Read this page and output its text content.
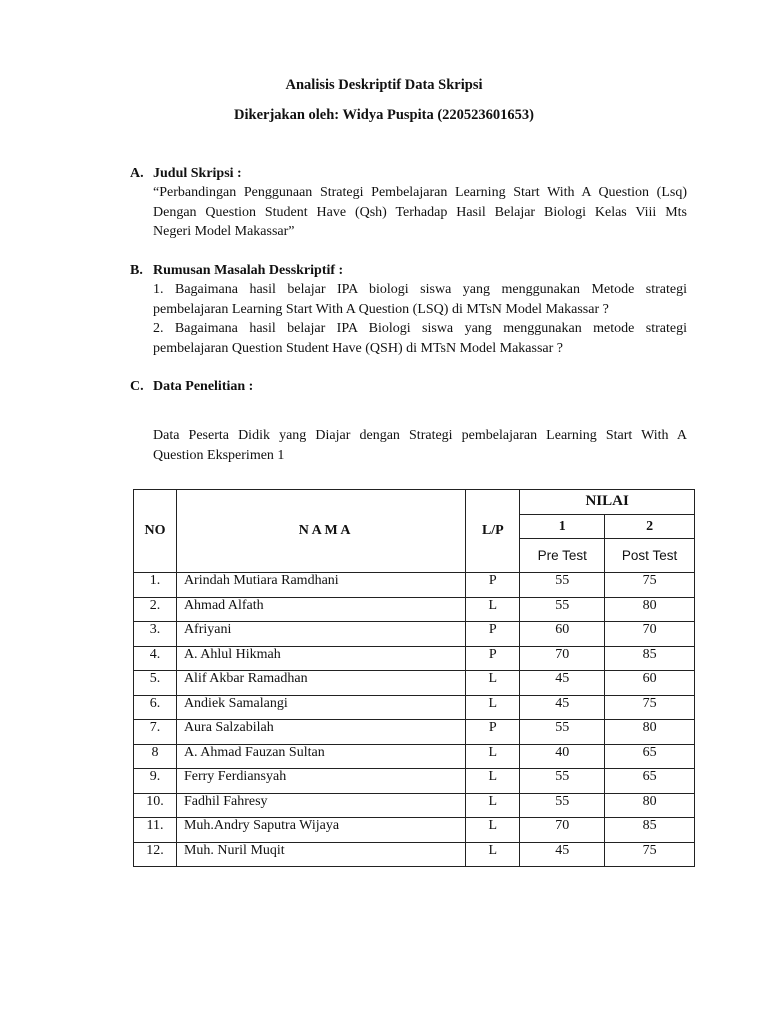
Analisis Deskriptif Data Skripsi
Dikerjakan oleh: Widya Puspita (220523601653)
A. Judul Skripsi :
“Perbandingan Penggunaan Strategi Pembelajaran Learning Start With A Question (Lsq)
Dengan Question Student Have (Qsh) Terhadap Hasil Belajar Biologi Kelas Viii Mts
Negeri Model Makassar”
B. Rumusan Masalah Desskriptif :
1. Bagaimana hasil belajar IPA biologi siswa yang menggunakan Metode strategi
pembelajaran Learning Start With A Question (LSQ) di MTsN Model Makassar ?
2. Bagaimana hasil belajar IPA Biologi siswa yang menggunakan metode strategi
pembelajaran Question Student Have (QSH) di MTsN Model Makassar ?
C. Data Penelitian :
Data Peserta Didik yang Diajar dengan Strategi pembelajaran Learning Start With A
Question Eksperimen 1
NO	N A M A	L/P	NILAI	
			1	2
			Pre Test	Post Test
1.	Arindah Mutiara Ramdhani	P	55	75
2.	Ahmad Alfath	L	55	80
3.	Afriyani	P	60	70
4.	A. Ahlul Hikmah	P	70	85
5.	Alif Akbar Ramadhan	L	45	60
6.	Andiek Samalangi	L	45	75
7.	Aura Salzabilah	P	55	80
8	A. Ahmad Fauzan Sultan	L	40	65
9.	Ferry Ferdiansyah	L	55	65
10.	Fadhil Fahresy	L	55	80
11.	Muh.Andry Saputra Wijaya	L	70	85
12.	Muh. Nuril Muqit	L	45	75
